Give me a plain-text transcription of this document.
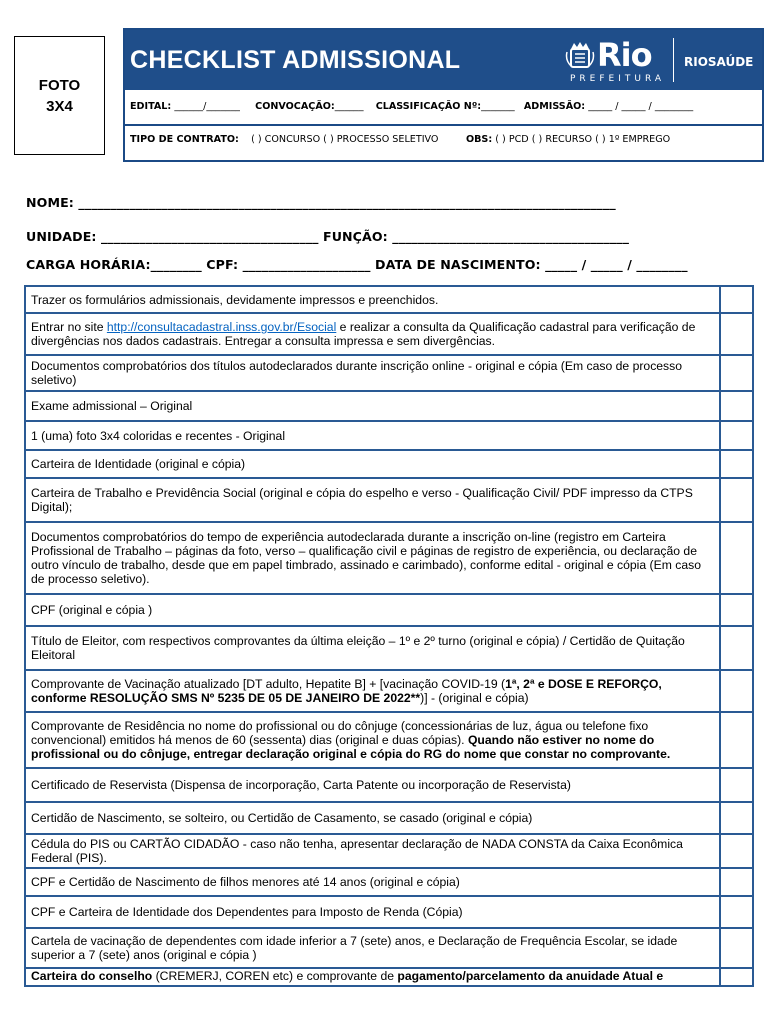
FOTO
3X4
CHECKLIST ADMISSIONAL	Rio
PREFEITURA
RIOSAÚDE
EDITAL: ______/_______ CONVOCAÇÃO:______ CLASSIFICAÇÃO Nº:_______ ADMISSÃO: _____ / _____ / ________
TIPO DE CONTRATO: ( ) CONCURSO ( ) PROCESSO SELETIVO	OBS: ( ) PCD ( ) RECURSO ( ) 1º EMPREGO
NOME: ____________________________________________________________________________________
UNIDADE: __________________________________ FUNÇÃO: _____________________________________
CARGA HORÁRIA:________ CPF: ____________________ DATA DE NASCIMENTO: _____ / _____ / ________
Trazer os formulários admissionais, devidamente impressos e preenchidos.	
Entrar no site http://consultacadastral.inss.gov.br/Esocial e realizar a consulta da Qualificação cadastral para verificação de divergências nos dados cadastrais. Entregar a consulta impressa e sem divergências.	
Documentos comprobatórios dos títulos autodeclarados durante inscrição online - original e cópia (Em caso de processo seletivo)	
Exame admissional – Original	
1 (uma) foto 3x4 coloridas e recentes - Original	
Carteira de Identidade (original e cópia)	
Carteira de Trabalho e Previdência Social (original e cópia do espelho e verso - Qualificação Civil/ PDF impresso da CTPS Digital);	
Documentos comprobatórios do tempo de experiência autodeclarada durante a inscrição on-line (registro em Carteira Profissional de Trabalho – páginas da foto, verso – qualificação civil e páginas de registro de experiência, ou declaração de outro vínculo de trabalho, desde que em papel timbrado, assinado e carimbado), conforme edital - original e cópia (Em caso de processo seletivo).	
CPF (original e cópia )	
Título de Eleitor, com respectivos comprovantes da última eleição – 1º e 2º turno (original e cópia) / Certidão de Quitação Eleitoral	
Comprovante de Vacinação atualizado [DT adulto, Hepatite B] + [vacinação COVID-19 (1ª, 2ª e DOSE E REFORÇO, conforme RESOLUÇÃO SMS Nº 5235 DE 05 DE JANEIRO DE 2022**)] - (original e cópia)	
Comprovante de Residência no nome do profissional ou do cônjuge (concessionárias de luz, água ou telefone fixo convencional) emitidos há menos de 60 (sessenta) dias (original e duas cópias). Quando não estiver no nome do profissional ou do cônjuge, entregar declaração original e cópia do RG do nome que constar no comprovante.	
Certificado de Reservista (Dispensa de incorporação, Carta Patente ou incorporação de Reservista)	
Certidão de Nascimento, se solteiro, ou Certidão de Casamento, se casado (original e cópia)	
Cédula do PIS ou CARTÃO CIDADÃO - caso não tenha, apresentar declaração de NADA CONSTA da Caixa Econômica Federal (PIS).	
CPF e Certidão de Nascimento de filhos menores até 14 anos (original e cópia)	
CPF e Carteira de Identidade dos Dependentes para Imposto de Renda (Cópia)	
Cartela de vacinação de dependentes com idade inferior a 7 (sete) anos, e Declaração de Frequência Escolar, se idade superior a 7 (sete) anos (original e cópia )	
Carteira do conselho (CREMERJ, COREN etc) e comprovante de pagamento/parcelamento da anuidade Atual e	
